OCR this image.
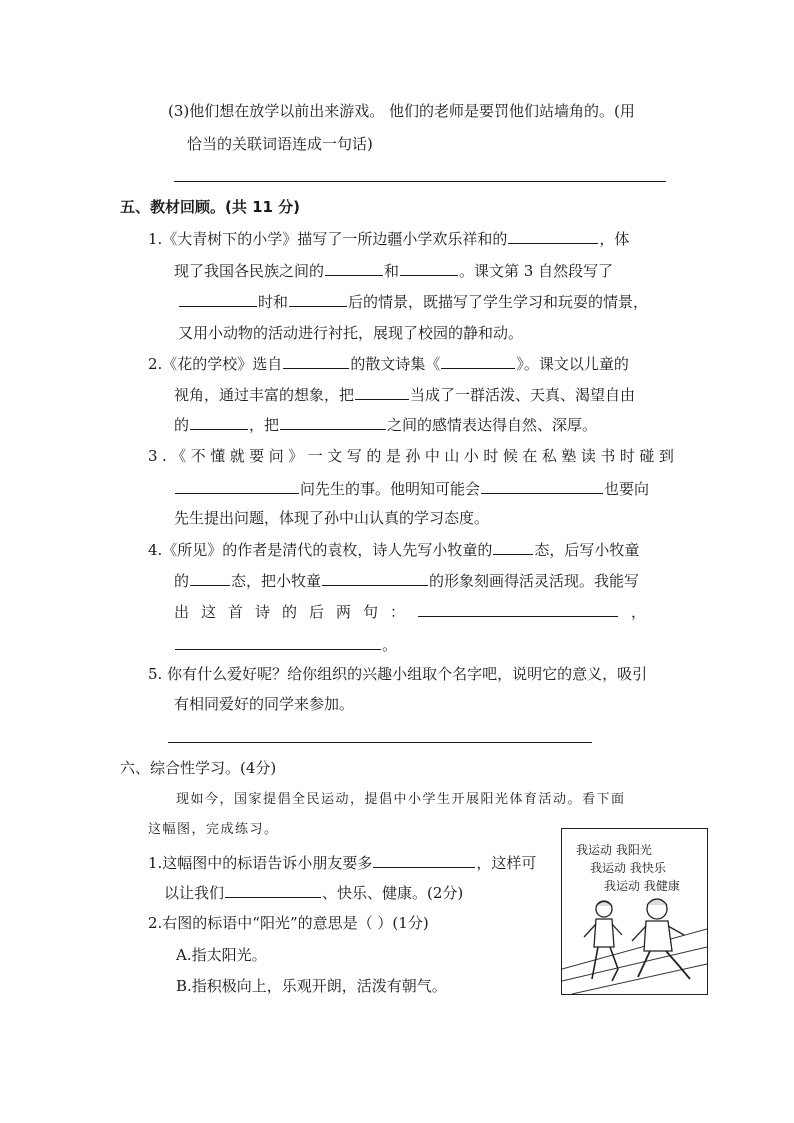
(3)他们想在放学以前出来游戏。 他们的老师是要罚他们站墙角的。(用
恰当的关联词语连成一句话)
五、教材回顾。(共 11 分)
1.《大青树下的小学》描写了一所边疆小学欢乐祥和的	，体
现了我国各民族之间的	和	。课文第 3 自然段写了
时和	后的情景，既描写了学生学习和玩耍的情景，
又用小动物的活动进行衬托，展现了校园的静和动。
2.《花的学校》选自	的散文诗集《	》。课文以儿童的
视角，通过丰富的想象，把	当成了一群活泼、天真、渴望自由
的	，把	之间的感情表达得自然、深厚。
3.《不懂就要问》一文写的是孙中山小时候在私塾读书时碰到
问先生的事。他明知可能会	也要向
先生提出问题，体现了孙中山认真的学习态度。
4.《所见》的作者是清代的袁枚，诗人先写小牧童的	态，后写小牧童
的	态，把小牧童	的形象刻画得活灵活现。我能写
出这首诗的后两句：	，
。
5. 你有什么爱好呢？给你组织的兴趣小组取个名字吧，说明它的意义，吸引
有相同爱好的同学来参加。
六、综合性学习。(4分)
现如今，国家提倡全民运动，提倡中小学生开展阳光体育活动。看下面
这幅图，完成练习。
1.这幅图中的标语告诉小朋友要多	，这样可
以让我们	、快乐、健康。(2分)
2.右图的标语中“阳光”的意思是（ ）(1分)
A.指太阳光。
B.指积极向上，乐观开朗，活泼有朝气。
我运动 我阳光
我运动 我快乐
我运动 我健康
